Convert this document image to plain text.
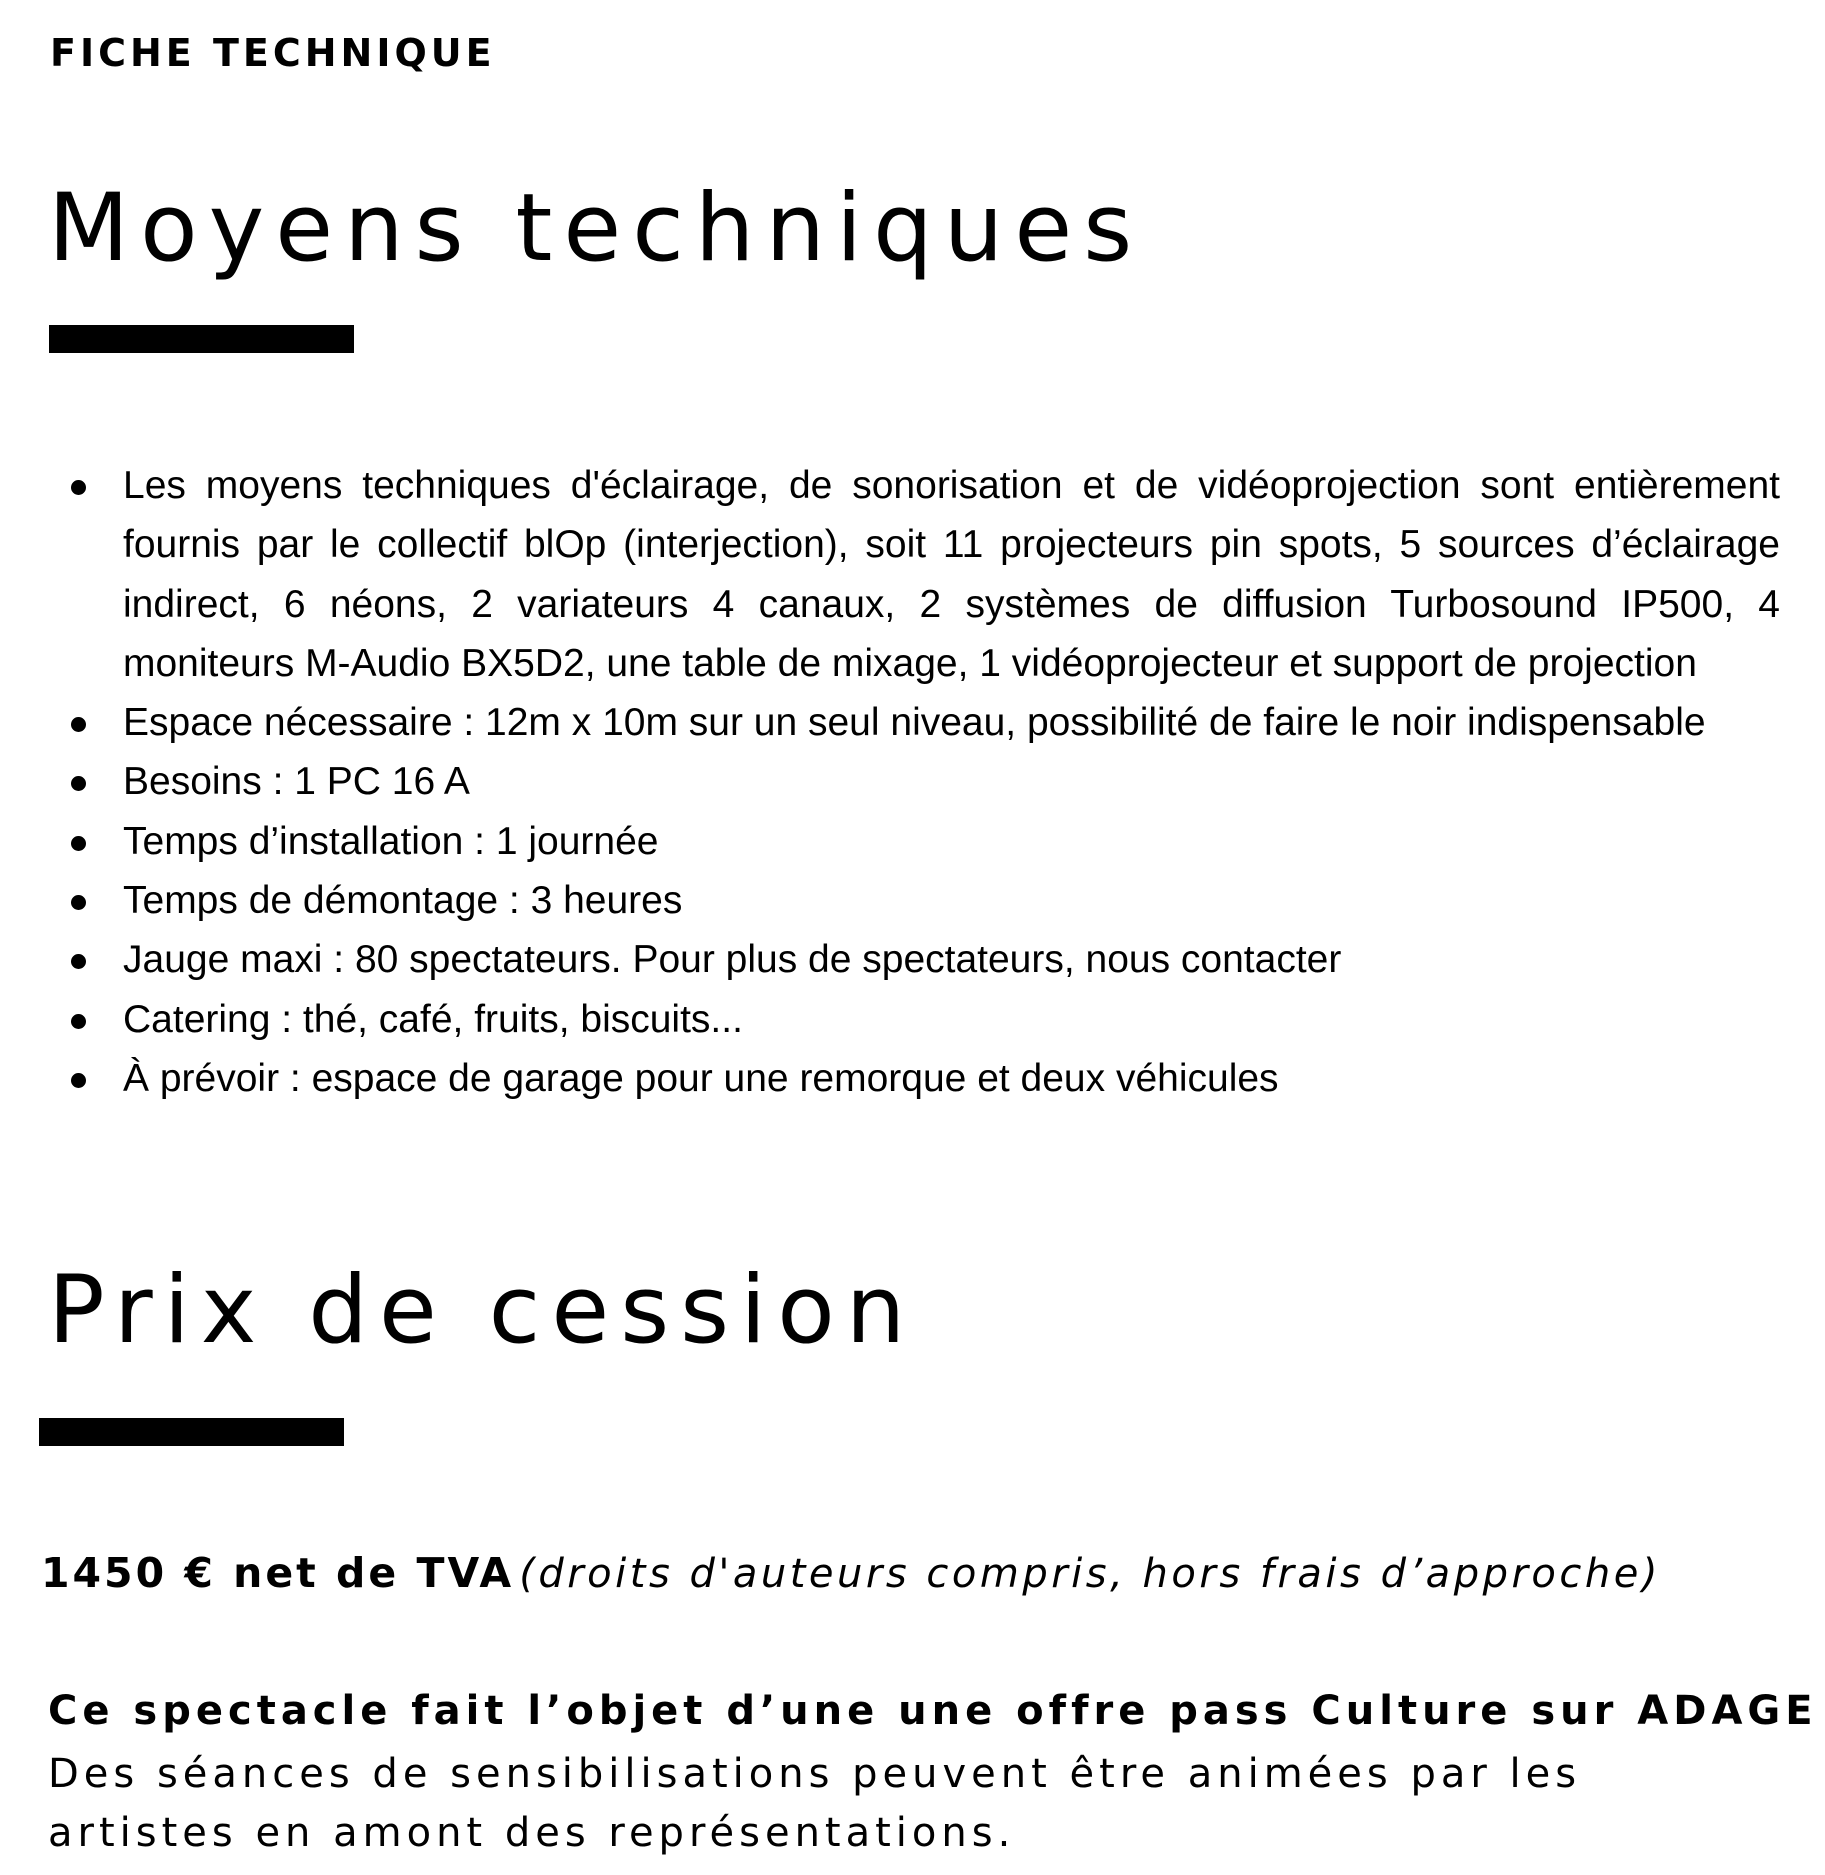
FICHE TECHNIQUE
Moyens techniques
Les moyens techniques d'éclairage, de sonorisation et de vidéoprojection sont entièrement fournis par le collectif blOp (interjection), soit 11 projecteurs pin spots, 5 sources d’éclairage indirect, 6 néons, 2 variateurs 4 canaux, 2 systèmes de diffusion Turbosound IP500, 4 moniteurs M-Audio BX5D2, une table de mixage, 1 vidéoprojecteur et support de projection
Espace nécessaire : 12m x 10m sur un seul niveau, possibilité de faire le noir indispensable
Besoins : 1 PC 16 A
Temps d’installation : 1 journée
Temps de démontage : 3 heures
Jauge maxi : 80 spectateurs. Pour plus de spectateurs, nous contacter
Catering : thé, café, fruits, biscuits...
À prévoir : espace de garage pour une remorque et deux véhicules
Prix de cession
1450 € net de TVA (droits d'auteurs compris, hors frais d’approche)
Ce spectacle fait l’objet d’une une offre pass Culture sur ADAGE
Des séances de sensibilisations peuvent être animées par les artistes en amont des représentations.
